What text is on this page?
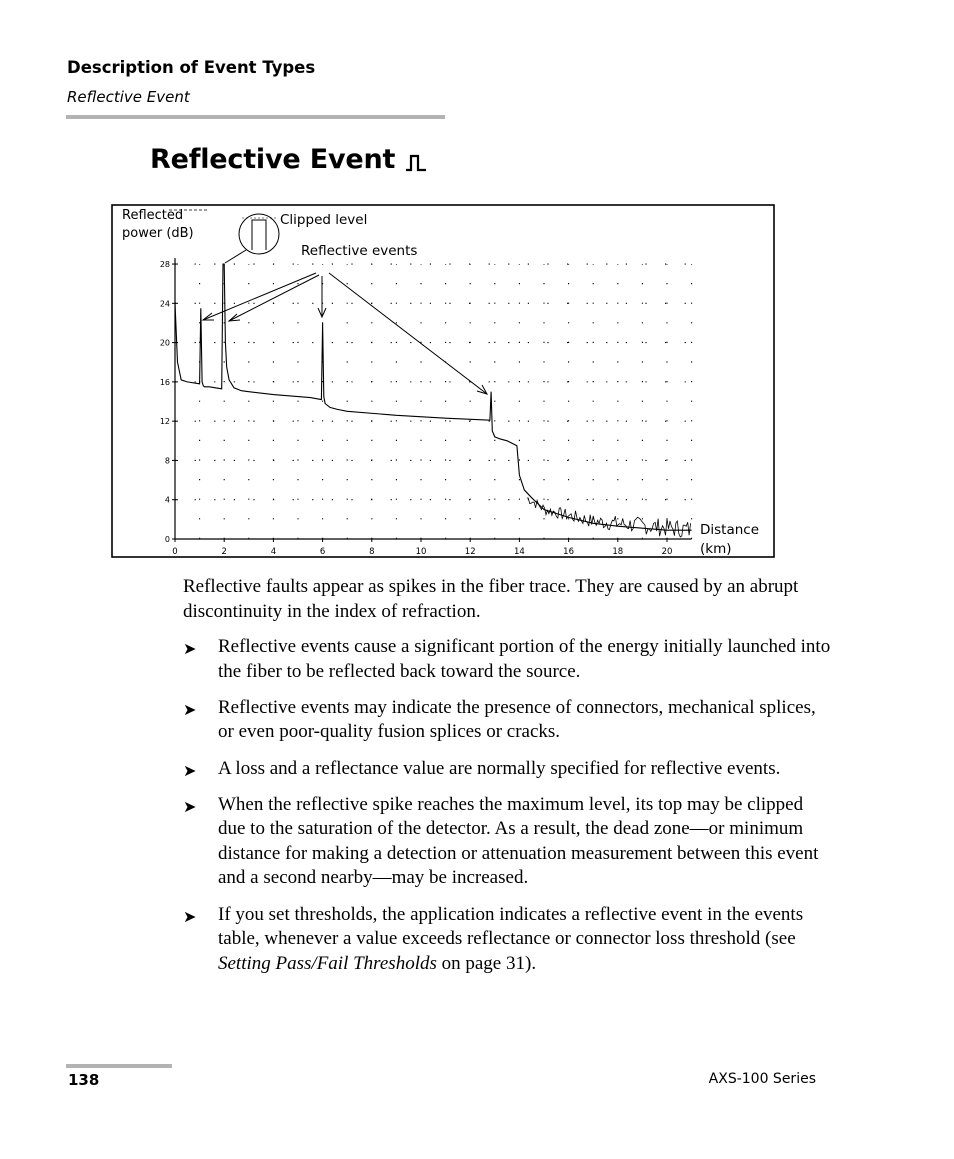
Description of Event Types
Reflective Event
Reflective Event
0	2	4	6	8	10	12	14	16	18	20
0
4
8
12
16
20
24
28
Reflected
power (dB)
Clipped level
Reflective events
Distance
(km)

Reflective faults appear as spikes in the fiber trace. They are caused by an abrupt discontinuity in the index of refraction.

➤ Reflective events cause a significant portion of the energy initially launched into the fiber to be reflected back toward the source.
➤ Reflective events may indicate the presence of connectors, mechanical splices, or even poor-quality fusion splices or cracks.
➤ A loss and a reflectance value are normally specified for reflective events.
➤ When the reflective spike reaches the maximum level, its top may be clipped due to the saturation of the detector. As a result, the dead zone—or minimum distance for making a detection or attenuation measurement between this event and a second nearby—may be increased.
➤ If you set thresholds, the application indicates a reflective event in the events table, whenever a value exceeds reflectance or connector loss threshold (see Setting Pass/Fail Thresholds on page 31).
138	AXS-100 Series
